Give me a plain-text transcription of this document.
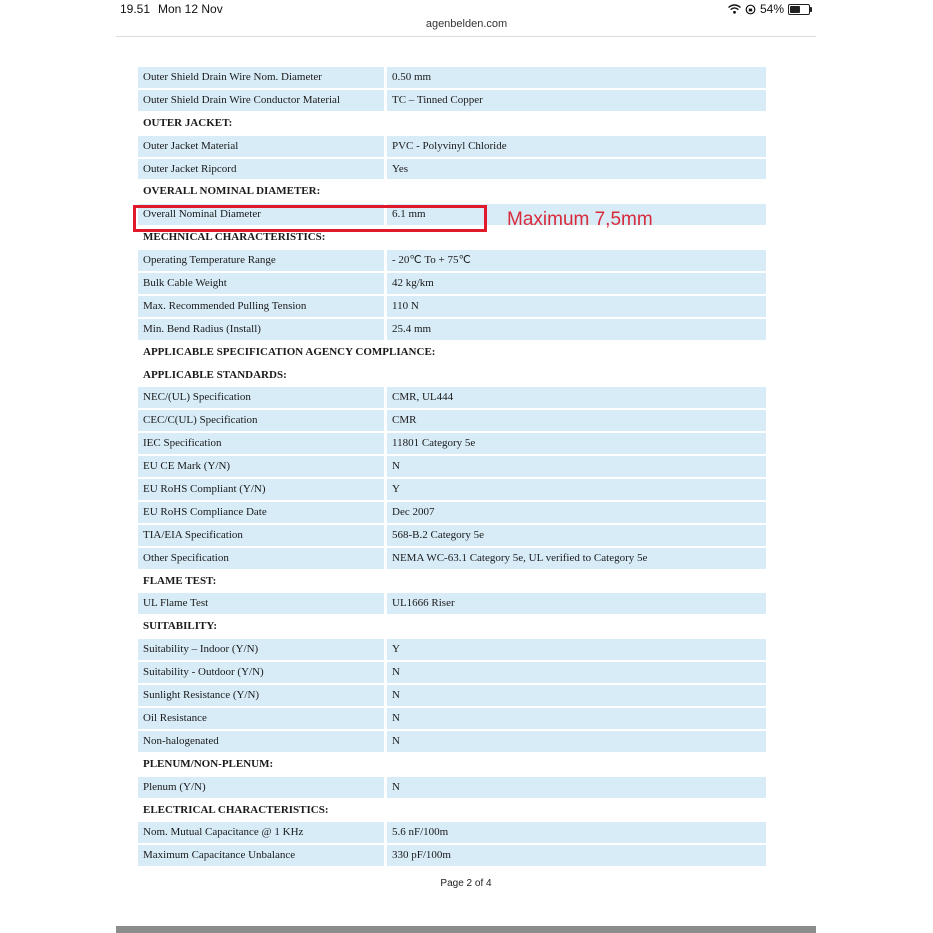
19.51 Mon 12 Nov
agenbelden.com
54%
Outer Shield Drain Wire Nom. Diameter	0.50 mm
Outer Shield Drain Wire Conductor Material	TC – Tinned Copper
OUTER JACKET:
Outer Jacket Material	PVC - Polyvinyl Chloride
Outer Jacket Ripcord	Yes
OVERALL NOMINAL DIAMETER:
Overall Nominal Diameter	6.1 mm
MECHNICAL CHARACTERISTICS:
Operating Temperature Range	- 20℃ To + 75℃
Bulk Cable Weight	42 kg/km
Max. Recommended Pulling Tension	110 N
Min. Bend Radius (Install)	25.4 mm
APPLICABLE SPECIFICATION AGENCY COMPLIANCE:
APPLICABLE STANDARDS:
NEC/(UL) Specification	CMR, UL444
CEC/C(UL) Specification	CMR
IEC Specification	11801 Category 5e
EU CE Mark (Y/N)	N
EU RoHS Compliant (Y/N)	Y
EU RoHS Compliance Date	Dec 2007
TIA/EIA Specification	568-B.2 Category 5e
Other Specification	NEMA WC-63.1 Category 5e, UL verified to Category 5e
FLAME TEST:
UL Flame Test	UL1666 Riser
SUITABILITY:
Suitability – Indoor (Y/N)	Y
Suitability - Outdoor (Y/N)	N
Sunlight Resistance (Y/N)	N
Oil Resistance	N
Non-halogenated	N
PLENUM/NON-PLENUM:
Plenum (Y/N)	N
ELECTRICAL CHARACTERISTICS:
Nom. Mutual Capacitance @ 1 KHz	5.6 nF/100m
Maximum Capacitance Unbalance	330 pF/100m
Maximum 7,5mm
Page 2 of 4
